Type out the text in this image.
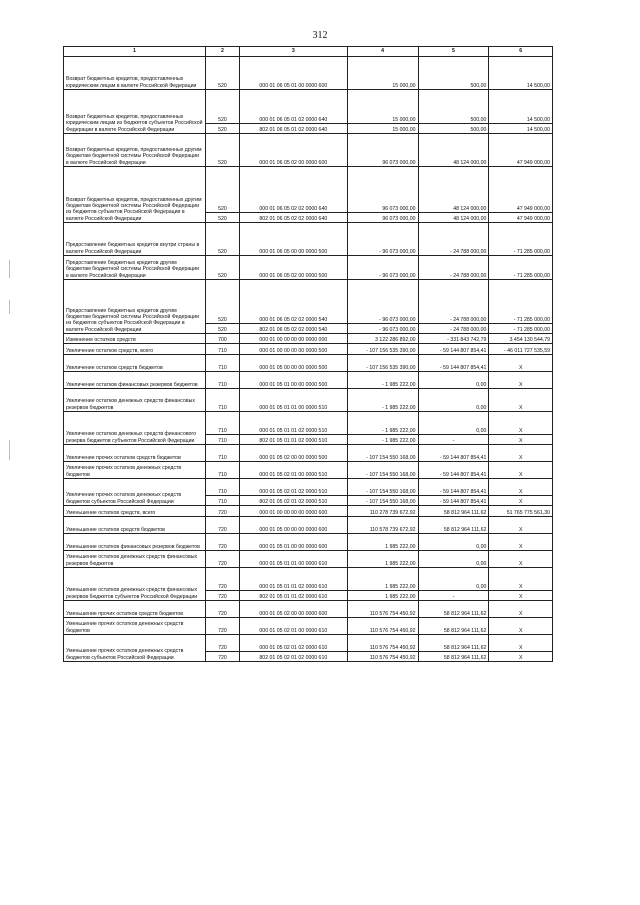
312
1	2	3	4	5	6
Возврат бюджетных кредитов, предоставленных юридическим лицам в валюте Российской Федерации	520	000 01 06 05 01 00 0000 600	15 000,00	500,00	14 500,00
Возврат бюджетных кредитов, предоставленных юридическим лицам из бюджетов субъектов Российской Федерации в валюте Российской Федерации	520	000 01 06 05 01 02 0000 640	15 000,00	500,00	14 500,00
	520	802 01 06 05 01 02 0000 640	15 000,00	500,00	14 500,00
Возврат бюджетных кредитов, предоставленных другим бюджетам бюджетной системы Российской Федерации в валюте Российской Федерации	520	000 01 06 05 02 00 0000 600	96 073 000,00	48 124 000,00	47 949 000,00
Возврат бюджетных кредитов, предоставленных другим бюджетам бюджетной системы Российской Федерации из бюджетов субъектов Российской Федерации в валюте Российской Федерации	520	000 01 06 05 02 02 0000 640	96 073 000,00	48 124 000,00	47 949 000,00
	520	802 01 06 05 02 02 0000 640	96 073 000,00	48 124 000,00	47 949 000,00
Предоставление бюджетных кредитов внутри страны в валюте Российской Федерации	520	000 01 06 05 00 00 0000 500	- 96 073 000,00	- 24 788 000,00	- 71 285 000,00
Предоставление бюджетных кредитов другим бюджетам бюджетной системы Российской Федерации в валюте Российской Федерации	520	000 01 06 05 02 00 0000 500	- 96 073 000,00	- 24 788 000,00	- 71 285 000,00
Предоставление бюджетных кредитов другим бюджетам бюджетной системы Российской Федерации из бюджетов субъектов Российской Федерации в валюте Российской Федерации	520	000 01 06 05 02 02 0000 540	- 96 073 000,00	- 24 788 000,00	- 71 285 000,00
	520	802 01 06 05 02 02 0000 540	- 96 073 000,00	- 24 788 000,00	- 71 285 000,00
Изменение остатков средств	700	000 01 00 00 00 00 0000 000	3 122 286 892,00	- 331 843 742,79	3 454 130 544,79
Увеличение остатков средств, всего	710	000 01 00 00 00 00 0000 500	- 107 156 535 390,00	- 59 144 807 854,41	- 46 011 727 535,59
Увеличение остатков средств бюджетов	710	000 01 05 00 00 00 0000 500	- 107 156 535 390,00	- 59 144 807 854,41	X
Увеличение остатков финансовых резервов бюджетов	710	000 01 05 01 00 00 0000 500	- 1 985 222,00	0,00	X
Увеличение остатков денежных средств финансовых резервов бюджетов	710	000 01 05 01 01 00 0000 510	- 1 985 222,00	0,00	X
Увеличение остатков денежных средств финансового резерва бюджетов субъектов Российской Федерации	710	000 01 05 01 01 02 0000 510	- 1 985 222,00	0,00	X
	710	802 01 05 01 01 02 0000 510	- 1 985 222,00	-	X
Увеличение прочих остатков средств бюджетов	710	000 01 05 02 00 00 0000 500	- 107 154 550 168,00	- 59 144 807 854,41	X
Увеличение прочих остатков денежных средств бюджетов	710	000 01 05 02 01 00 0000 510	- 107 154 550 168,00	- 59 144 807 854,41	X
Увеличение прочих остатков денежных средств бюджетов субъектов Российской Федерации	710	000 01 05 02 01 02 0000 510	- 107 154 550 168,00	- 59 144 807 854,41	X
	710	802 01 05 02 01 02 0000 510	- 107 154 550 168,00	- 59 144 807 854,41	X
Уменьшение остатков средств, всего	720	000 01 00 00 00 00 0000 600	110 278 739 672,92	58 812 964 111,62	51 765 775 561,30
Уменьшение остатков средств бюджетов	720	000 01 05 00 00 00 0000 600	110 578 739 672,92	58 812 964 111,62	X
Уменьшение остатков финансовых резервов бюджетов	720	000 01 05 01 00 00 0000 600	1 985 222,00	0,00	X
Уменьшение остатков денежных средств финансовых резервов бюджетов	720	000 01 05 01 01 00 0000 610	1 985 222,00	0,00	X
Уменьшение остатков денежных средств финансовых резервов бюджетов субъектов Российской Федерации	720	000 01 05 01 01 02 0000 610	1 985 222,00	0,00	X
	720	802 01 05 01 01 02 0000 610	1 985 222,00	-	X
Уменьшение прочих остатков средств бюджетов	720	000 01 05 02 00 00 0000 600	110 576 754 450,92	58 812 964 111,62	X
Уменьшение прочих остатков денежных средств бюджетов	720	000 01 05 02 01 00 0000 610	110 576 754 450,92	58 812 964 111,62	X
Уменьшение прочих остатков денежных средств бюджетов субъектов Российской Федерации	720	000 01 05 02 01 02 0000 610	110 576 754 450,92	58 812 964 111,62	X
	720	802 01 05 02 01 02 0000 610	110 576 754 450,92	58 812 964 111,62	X
